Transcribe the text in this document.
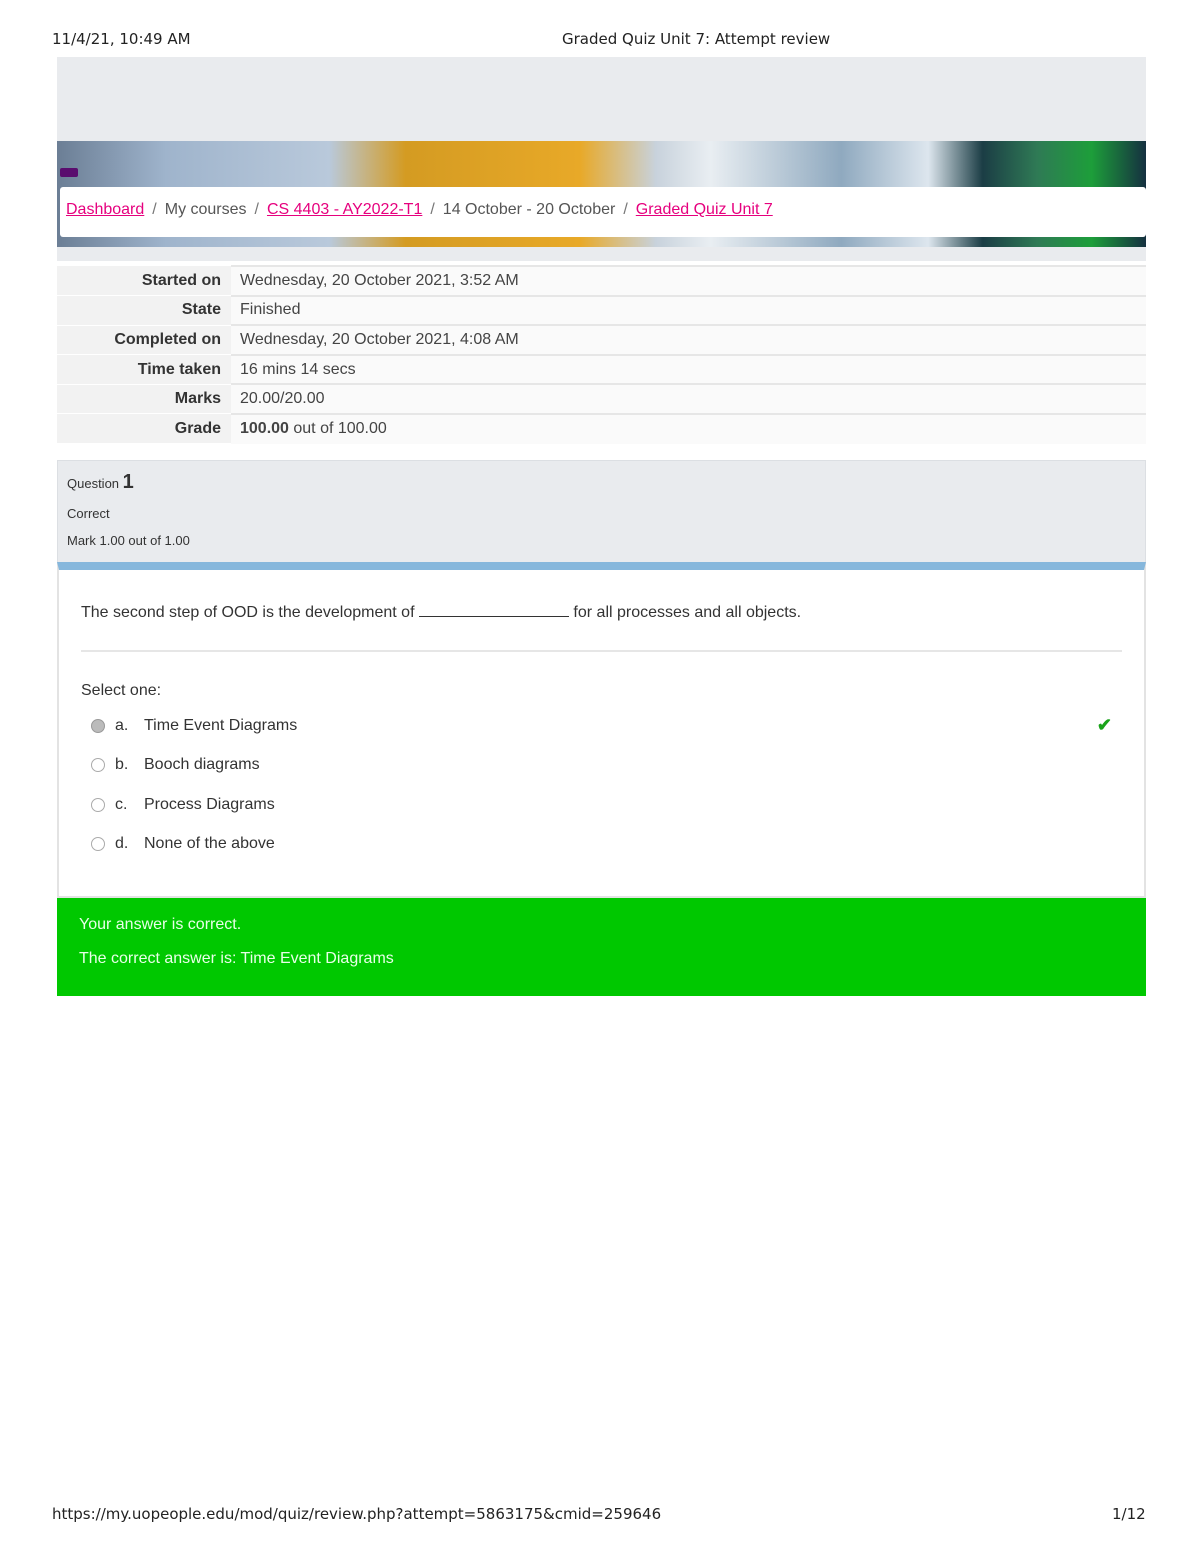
11/4/21, 10:49 AM	Graded Quiz Unit 7: Attempt review
Dashboard / My courses / CS 4403 - AY2022-T1 / 14 October - 20 October / Graded Quiz Unit 7
Started on	Wednesday, 20 October 2021, 3:52 AM
State	Finished
Completed on	Wednesday, 20 October 2021, 4:08 AM
Time taken	16 mins 14 secs
Marks	20.00/20.00
Grade	100.00 out of 100.00
Question 1
Correct
Mark 1.00 out of 1.00
The second step of OOD is the development of	for all processes and all objects.
Select one:
a. Time Event Diagrams	✔
b. Booch diagrams
c.	Process Diagrams
d. None of the above
Your answer is correct.
The correct answer is: Time Event Diagrams
https://my.uopeople.edu/mod/quiz/review.php?attempt=5863175&cmid=259646	1/12
